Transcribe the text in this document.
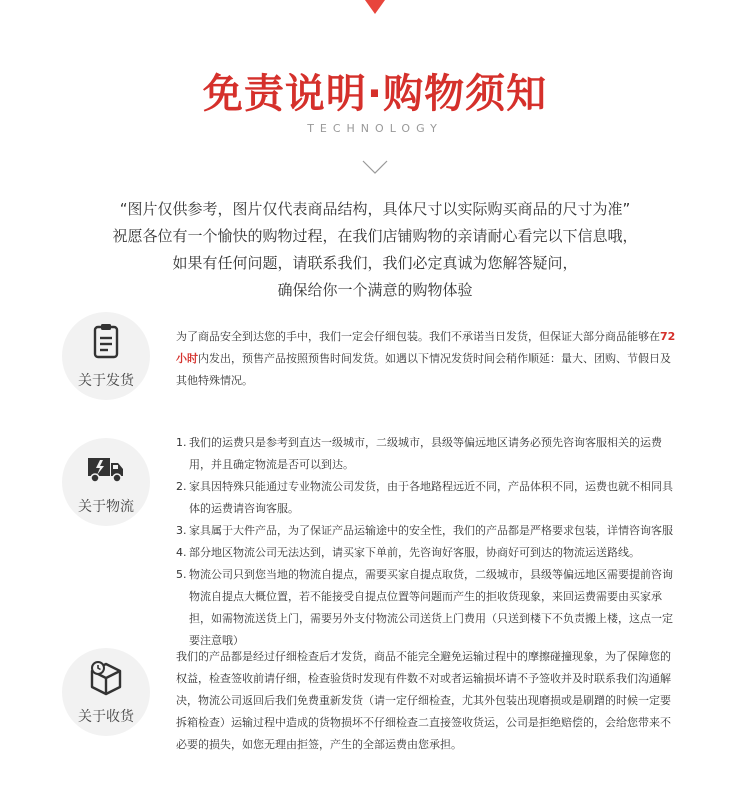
免责说明·购物须知
TECHNOLOGY

“图片仅供参考，图片仅代表商品结构，具体尺寸以实际购买商品的尺寸为准”

祝愿各位有一个愉快的购物过程，在我们店铺购物的亲请耐心看完以下信息哦，

如果有任何问题，请联系我们，我们必定真诚为您解答疑问，

确保给你一个满意的购物体验

关于发货

为了商品安全到达您的手中，我们一定会仔细包装。我们不承诺当日发货，但保证大部分商品能够在72小时内发出，预售产品按照预售时间发货。如遇以下情况发货时间会稍作顺延：量大、团购、节假日及其他特殊情况。

关于物流
1. 我们的运费只是参考到直达一级城市，二级城市，县级等偏远地区请务必预先咨询客服相关的运费用，并且确定物流是否可以到达。
2. 家具因特殊只能通过专业物流公司发货，由于各地路程远近不同，产品体积不同，运费也就不相同具体的运费请咨询客服。
3. 家具属于大件产品，为了保证产品运输途中的安全性，我们的产品都是严格要求包装，详情咨询客服
4. 部分地区物流公司无法达到，请买家下单前，先咨询好客服，协商好可到达的物流运送路线。
5. 物流公司只到您当地的物流自提点，需要买家自提点取货，二级城市，县级等偏远地区需要提前咨询物流自提点大概位置，若不能接受自提点位置等问题而产生的拒收货现象，来回运费需要由买家承担，如需物流送货上门，需要另外支付物流公司送货上门费用（只送到楼下不负责搬上楼，这点一定要注意哦）
关于收货

我们的产品都是经过仔细检查后才发货，商品不能完全避免运输过程中的摩擦碰撞现象，为了保障您的权益，检查签收前请仔细，检查验货时发现有件数不对或者运输损坏请不予签收并及时联系我们沟通解决，物流公司返回后我们免费重新发货（请一定仔细检查，尤其外包装出现磨损或是刷蹭的时候一定要拆箱检查）运输过程中造成的货物损坏不仔细检查二直接签收货运，公司是拒绝赔偿的，会给您带来不必要的损失，如您无理由拒签，产生的全部运费由您承担。
